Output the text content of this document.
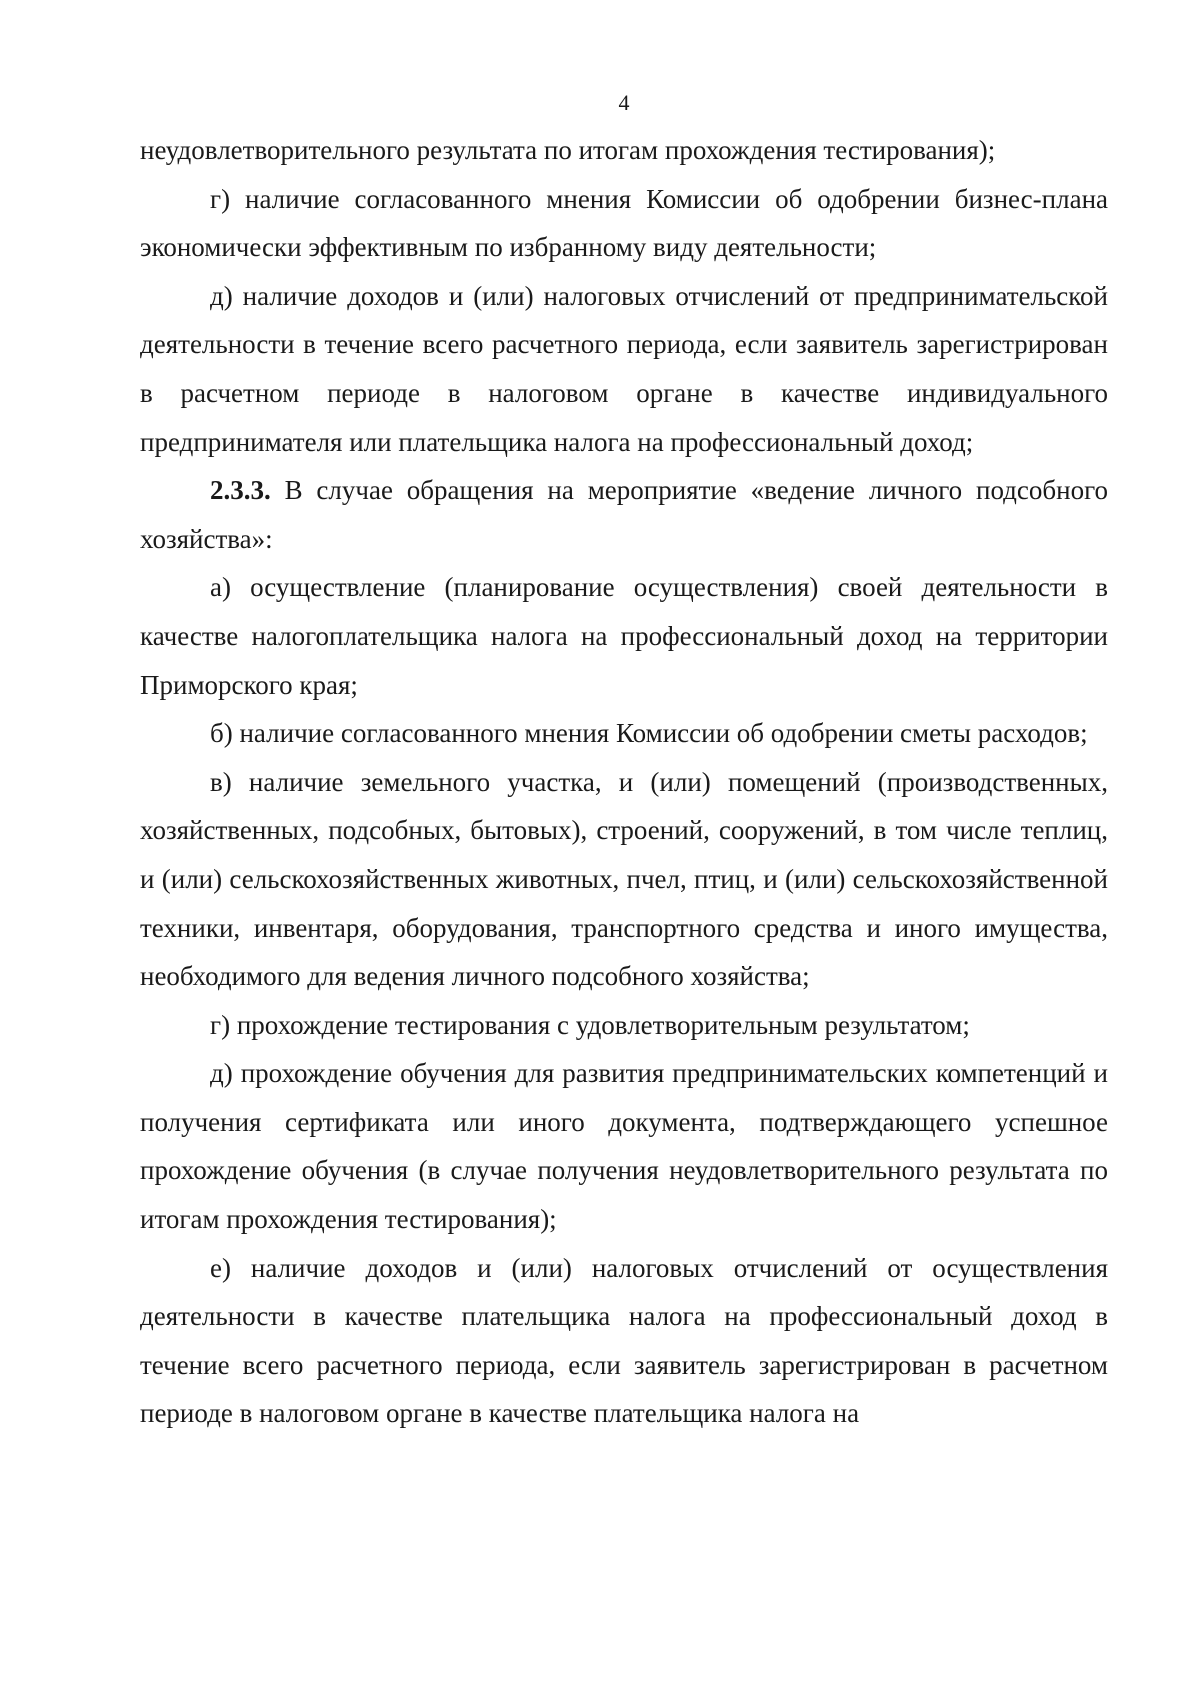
4

неудовлетворительного результата по итогам прохождения тестирования);

г) наличие согласованного мнения Комиссии об одобрении бизнес-плана экономически эффективным по избранному виду деятельности;

д) наличие доходов и (или) налоговых отчислений от предпринимательской деятельности в течение всего расчетного периода, если заявитель зарегистрирован в расчетном периоде в налоговом органе в качестве индивидуального предпринимателя или плательщика налога на профессиональный доход;

2.3.3. В случае обращения на мероприятие «ведение личного подсобного хозяйства»:

а) осуществление (планирование осуществления) своей деятельности в качестве налогоплательщика налога на профессиональный доход на территории Приморского края;

б) наличие согласованного мнения Комиссии об одобрении сметы расходов;

в) наличие земельного участка, и (или) помещений (производственных, хозяйственных, подсобных, бытовых), строений, сооружений, в том числе теплиц, и (или) сельскохозяйственных животных, пчел, птиц, и (или) сельскохозяйственной техники, инвентаря, оборудования, транспортного средства и иного имущества, необходимого для ведения личного подсобного хозяйства;

г) прохождение тестирования с удовлетворительным результатом;

д) прохождение обучения для развития предпринимательских компетенций и получения сертификата или иного документа, подтверждающего успешное прохождение обучения (в случае получения неудовлетворительного результата по итогам прохождения тестирования);

е) наличие доходов и (или) налоговых отчислений от осуществления деятельности в качестве плательщика налога на профессиональный доход в течение всего расчетного периода, если заявитель зарегистрирован в расчетном периоде в налоговом органе в качестве плательщика налога на
